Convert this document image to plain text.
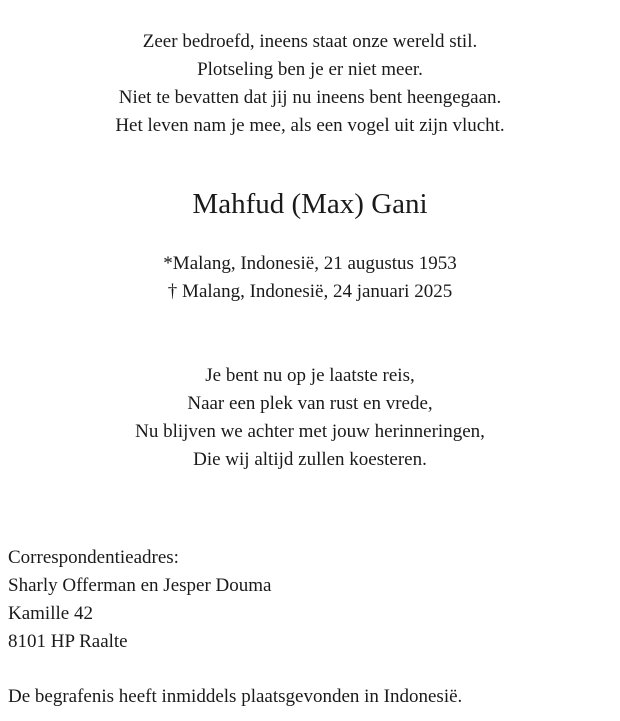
Zeer bedroefd, ineens staat onze wereld stil.
Plotseling ben je er niet meer.
Niet te bevatten dat jij nu ineens bent heengegaan.
Het leven nam je mee, als een vogel uit zijn vlucht.
Mahfud (Max) Gani
*Malang, Indonesië, 21 augustus 1953
† Malang, Indonesië, 24 januari 2025
Je bent nu op je laatste reis,
Naar een plek van rust en vrede,
Nu blijven we achter met jouw herinneringen,
Die wij altijd zullen koesteren.
Correspondentieadres:
Sharly Offerman en Jesper Douma
Kamille 42
8101 HP Raalte
De begrafenis heeft inmiddels plaatsgevonden in Indonesië.
